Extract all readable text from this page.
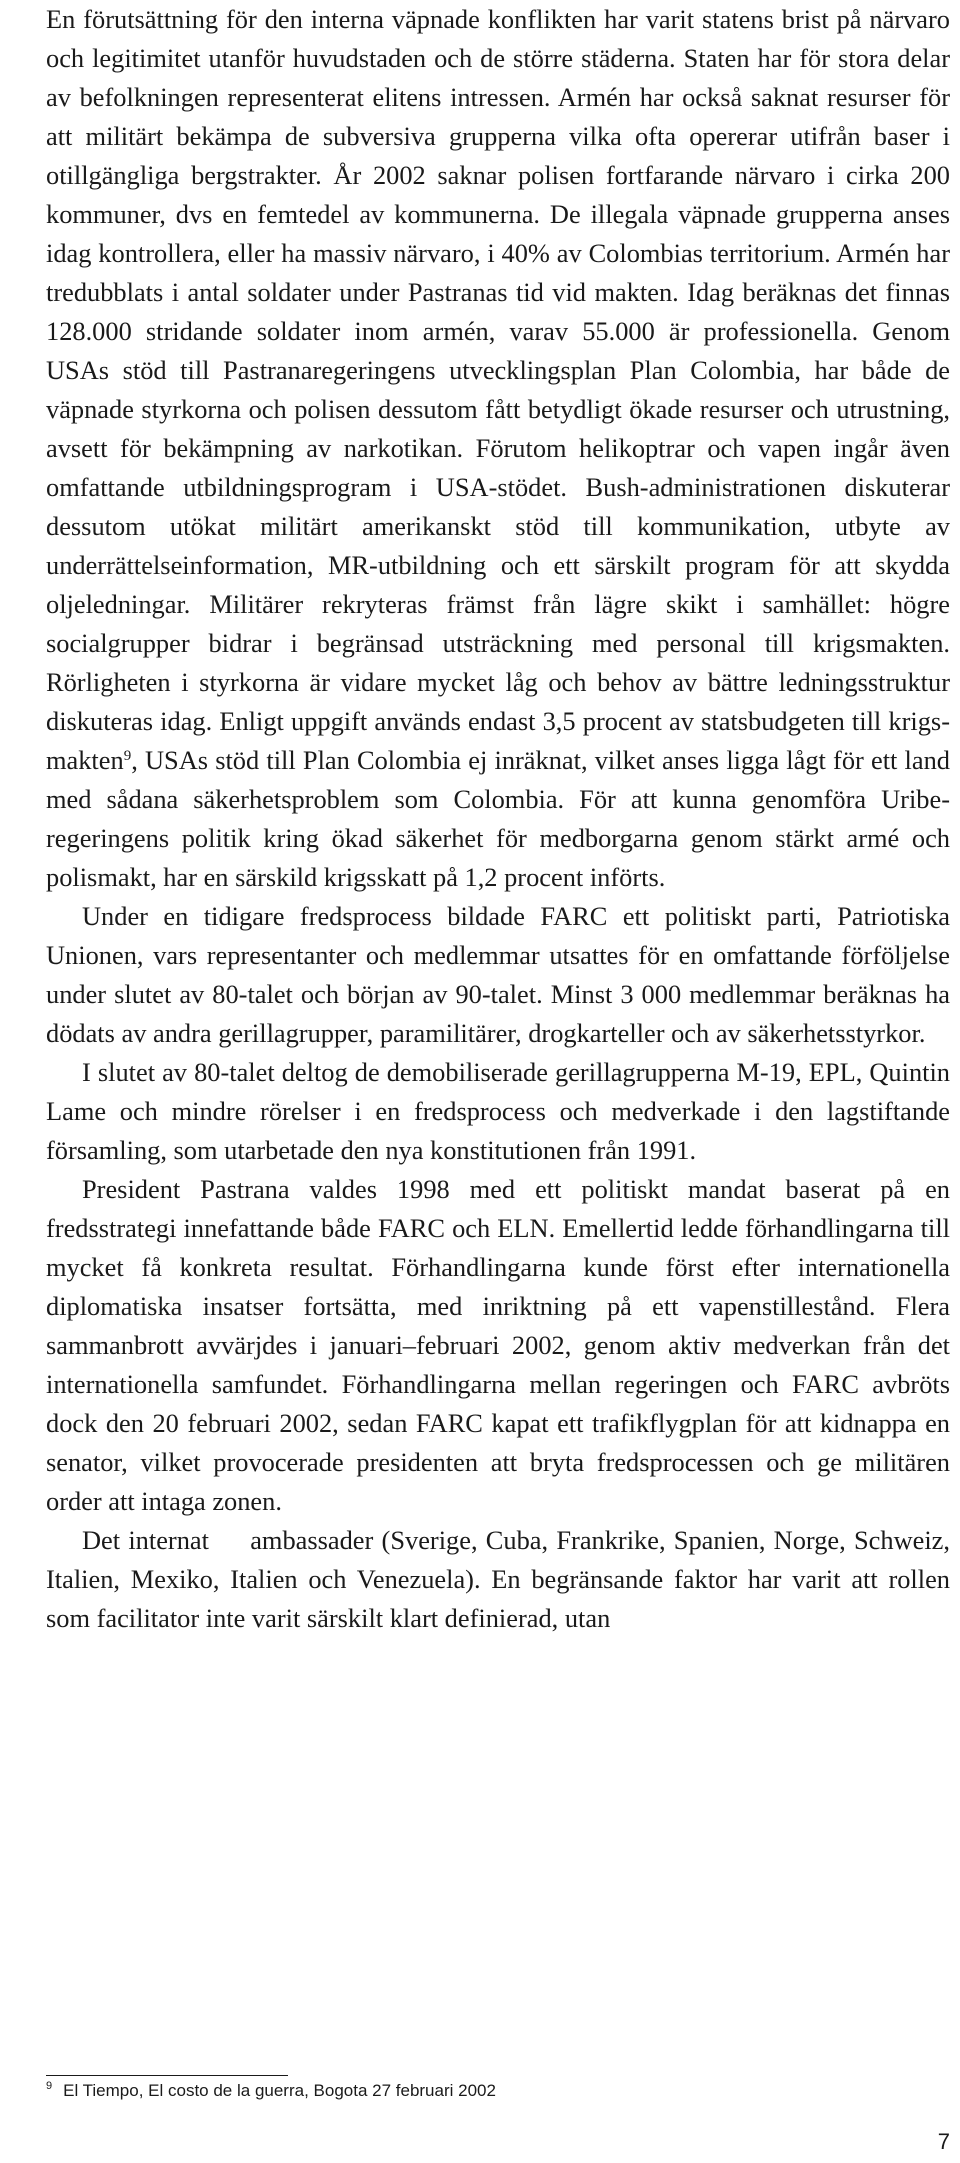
En förutsättning för den interna väpnade konflikten har varit statens brist på närvaro och legitimitet utanför huvudstaden och de större städerna. Staten har för stora delar av befolkningen representerat elitens intressen. Armén har också saknat resurser för att militärt bekämpa de subversiva grupperna vilka ofta opererar utifrån baser i otillgängliga bergstrakter. År 2002 saknar polisen fortfarande närvaro i cirka 200 kommuner, dvs en femtedel av kommunerna. De illegala väpnade grupperna anses idag kontrollera, eller ha massiv närvaro, i 40% av Colombias territorium. Armén har tredubblats i antal soldater under Pastranas tid vid makten. Idag beräknas det finnas 128.000 stridande soldater inom armén, varav 55.000 är professionella. Genom USAs stöd till Pastranaregeringens utvecklingsplan Plan Colombia, har både de väpnade styrkorna och polisen dessutom fått betydligt ökade resurser och utrustning, avsett för bekämpning av narkotikan. Förutom helikoptrar och vapen ingår även omfattande utbildningsprogram i USA-stödet. Bush-administrationen diskuterar dessutom utökat militärt amerikanskt stöd till kommunikation, utbyte av underrättelseinformation, MR-utbildning och ett särskilt program för att skydda oljeledningar. Militärer rekryteras främst från lägre skikt i samhället: högre socialgrupper bidrar i begränsad utsträckning med personal till krigsmakten. Rörligheten i styrkorna är vidare mycket låg och behov av bättre ledningsstruktur diskuteras idag. Enligt uppgift används endast 3,5 procent av statsbudgeten till krigsmakten$^9$, USAs stöd till Plan Colombia ej inräknat, vilket anses ligga lågt för ett land med sådana säkerhetsproblem som Colombia. För att kunna genomföra Uribe-regeringens politik kring ökad säkerhet för medborgarna genom stärkt armé och polismakt, har en särskild krigsskatt på 1,2 procent införts.

Under en tidigare fredsprocess bildade FARC ett politiskt parti, Patriotiska Unionen, vars representanter och medlemmar utsattes för en omfattande förföljelse under slutet av 80-talet och början av 90-talet. Minst 3 000 medlemmar beräknas ha dödats av andra gerillagrupper, paramilitärer, drogkarteller och av säkerhetsstyrkor.

I slutet av 80-talet deltog de demobiliserade gerillagrupperna M-19, EPL, Quintin Lame och mindre rörelser i en fredsprocess och medverkade i den lagstiftande församling, som utarbetade den nya konstitutionen från 1991.

President Pastrana valdes 1998 med ett politiskt mandat baserat på en fredsstrategi innefattande både FARC och ELN. Emellertid ledde förhandlingarna till mycket få konkreta resultat. Förhandlingarna kunde först efter internationella diplomatiska insatser fortsätta, med inriktning på ett vapenstillestånd. Flera sammanbrott avvärjdes i januari–februari 2002, genom aktiv medverkan från det internationella samfundet. Förhandlingarna mellan regeringen och FARC avbröts dock den 20 februari 2002, sedan FARC kapat ett trafikflygplan för att kidnappa en senator, vilket provocerade presidenten att bryta fredsprocessen och ge militären order att intaga zonen.

Det internat     ambassader (Sverige, Cuba, Frankrike, Spanien, Norge, Schweiz, Italien, Mexiko, Italien och Venezuela). En begränsande faktor har varit att rollen som facilitator inte varit särskilt klart definierad, utan

$^9$ El Tiempo, El costo de la guerra, Bogota 27 februari 2002
7
